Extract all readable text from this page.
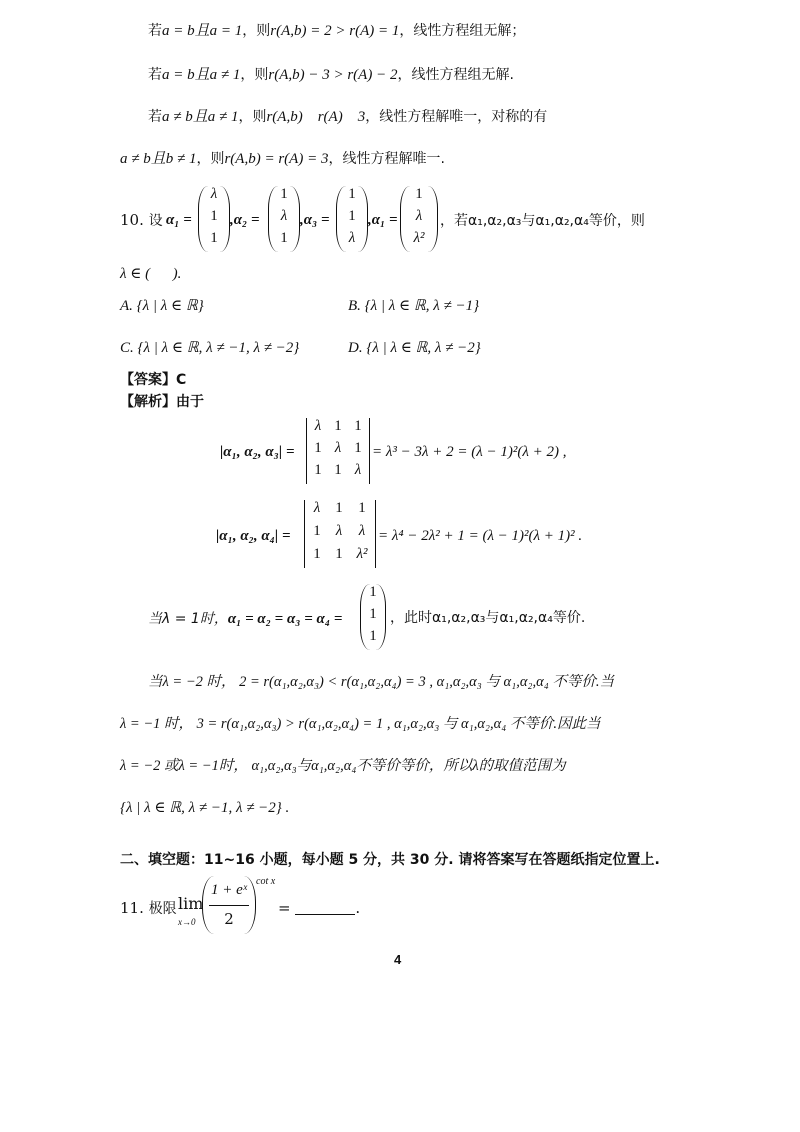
若a = b且a = 1，则r(A,b) = 2 > r(A) = 1，线性方程组无解；
若a = b且a ≠ 1，则r(A,b) − 3 > r(A) − 2，线性方程组无解.
若a ≠ b且a ≠ 1，则r(A,b)    r(A)    3，线性方程解唯一，对称的有
a ≠ b且b ≠ 1，则r(A,b) = r(A) = 3，线性方程解唯一.
10. 设 α₁ =
λ
1
1
,α₂ =
1
λ
1
,α₃ =
1
1
λ
,α₁ =
1
λ
λ²
，若α₁,α₂,α₃与α₁,α₂,α₄等价，则
λ ∈ (      ).
A. {λ | λ ∈ ℝ}	B. {λ | λ ∈ ℝ, λ ≠ −1}
C. {λ | λ ∈ ℝ, λ ≠ −1, λ ≠ −2}	D. {λ | λ ∈ ℝ, λ ≠ −2}
【答案】C
【解析】由于
|α₁, α₂, α₃| =
λ 1 1
1 λ 1
1 1 λ
= λ³ − 3λ + 2 = (λ − 1)²(λ + 2) ,
|α₁, α₂, α₄| =
λ	1	1
1	λ	λ
1 1 λ²
= λ⁴ − 2λ² + 1 = (λ − 1)²(λ + 1)² .
当λ = 1时，α₁ = α₂ = α₃ = α₄ =
1
1
1
，此时α₁,α₂,α₃与α₁,α₂,α₄等价.
当λ = −2 时， 2 = r(α₁,α₂,α₃) < r(α₁,α₂,α₄) = 3 , α₁,α₂,α₃ 与 α₁,α₂,α₄ 不等价.当
λ = −1 时， 3 = r(α₁,α₂,α₃) > r(α₁,α₂,α₄) = 1 , α₁,α₂,α₃ 与 α₁,α₂,α₄ 不等价.因此当
λ = −2 或λ = −1时， α₁,α₂,α₃与α₁,α₂,α₄不等价等价，所以λ的取值范围为
{λ | λ ∈ ℝ, λ ≠ −1, λ ≠ −2} .
二、填空题：11~16 小题，每小题 5 分，共 30 分. 请将答案写在答题纸指定位置上.
11. 极限 lim
x→0
1 + eˣ
2
cot x
=	.
4
